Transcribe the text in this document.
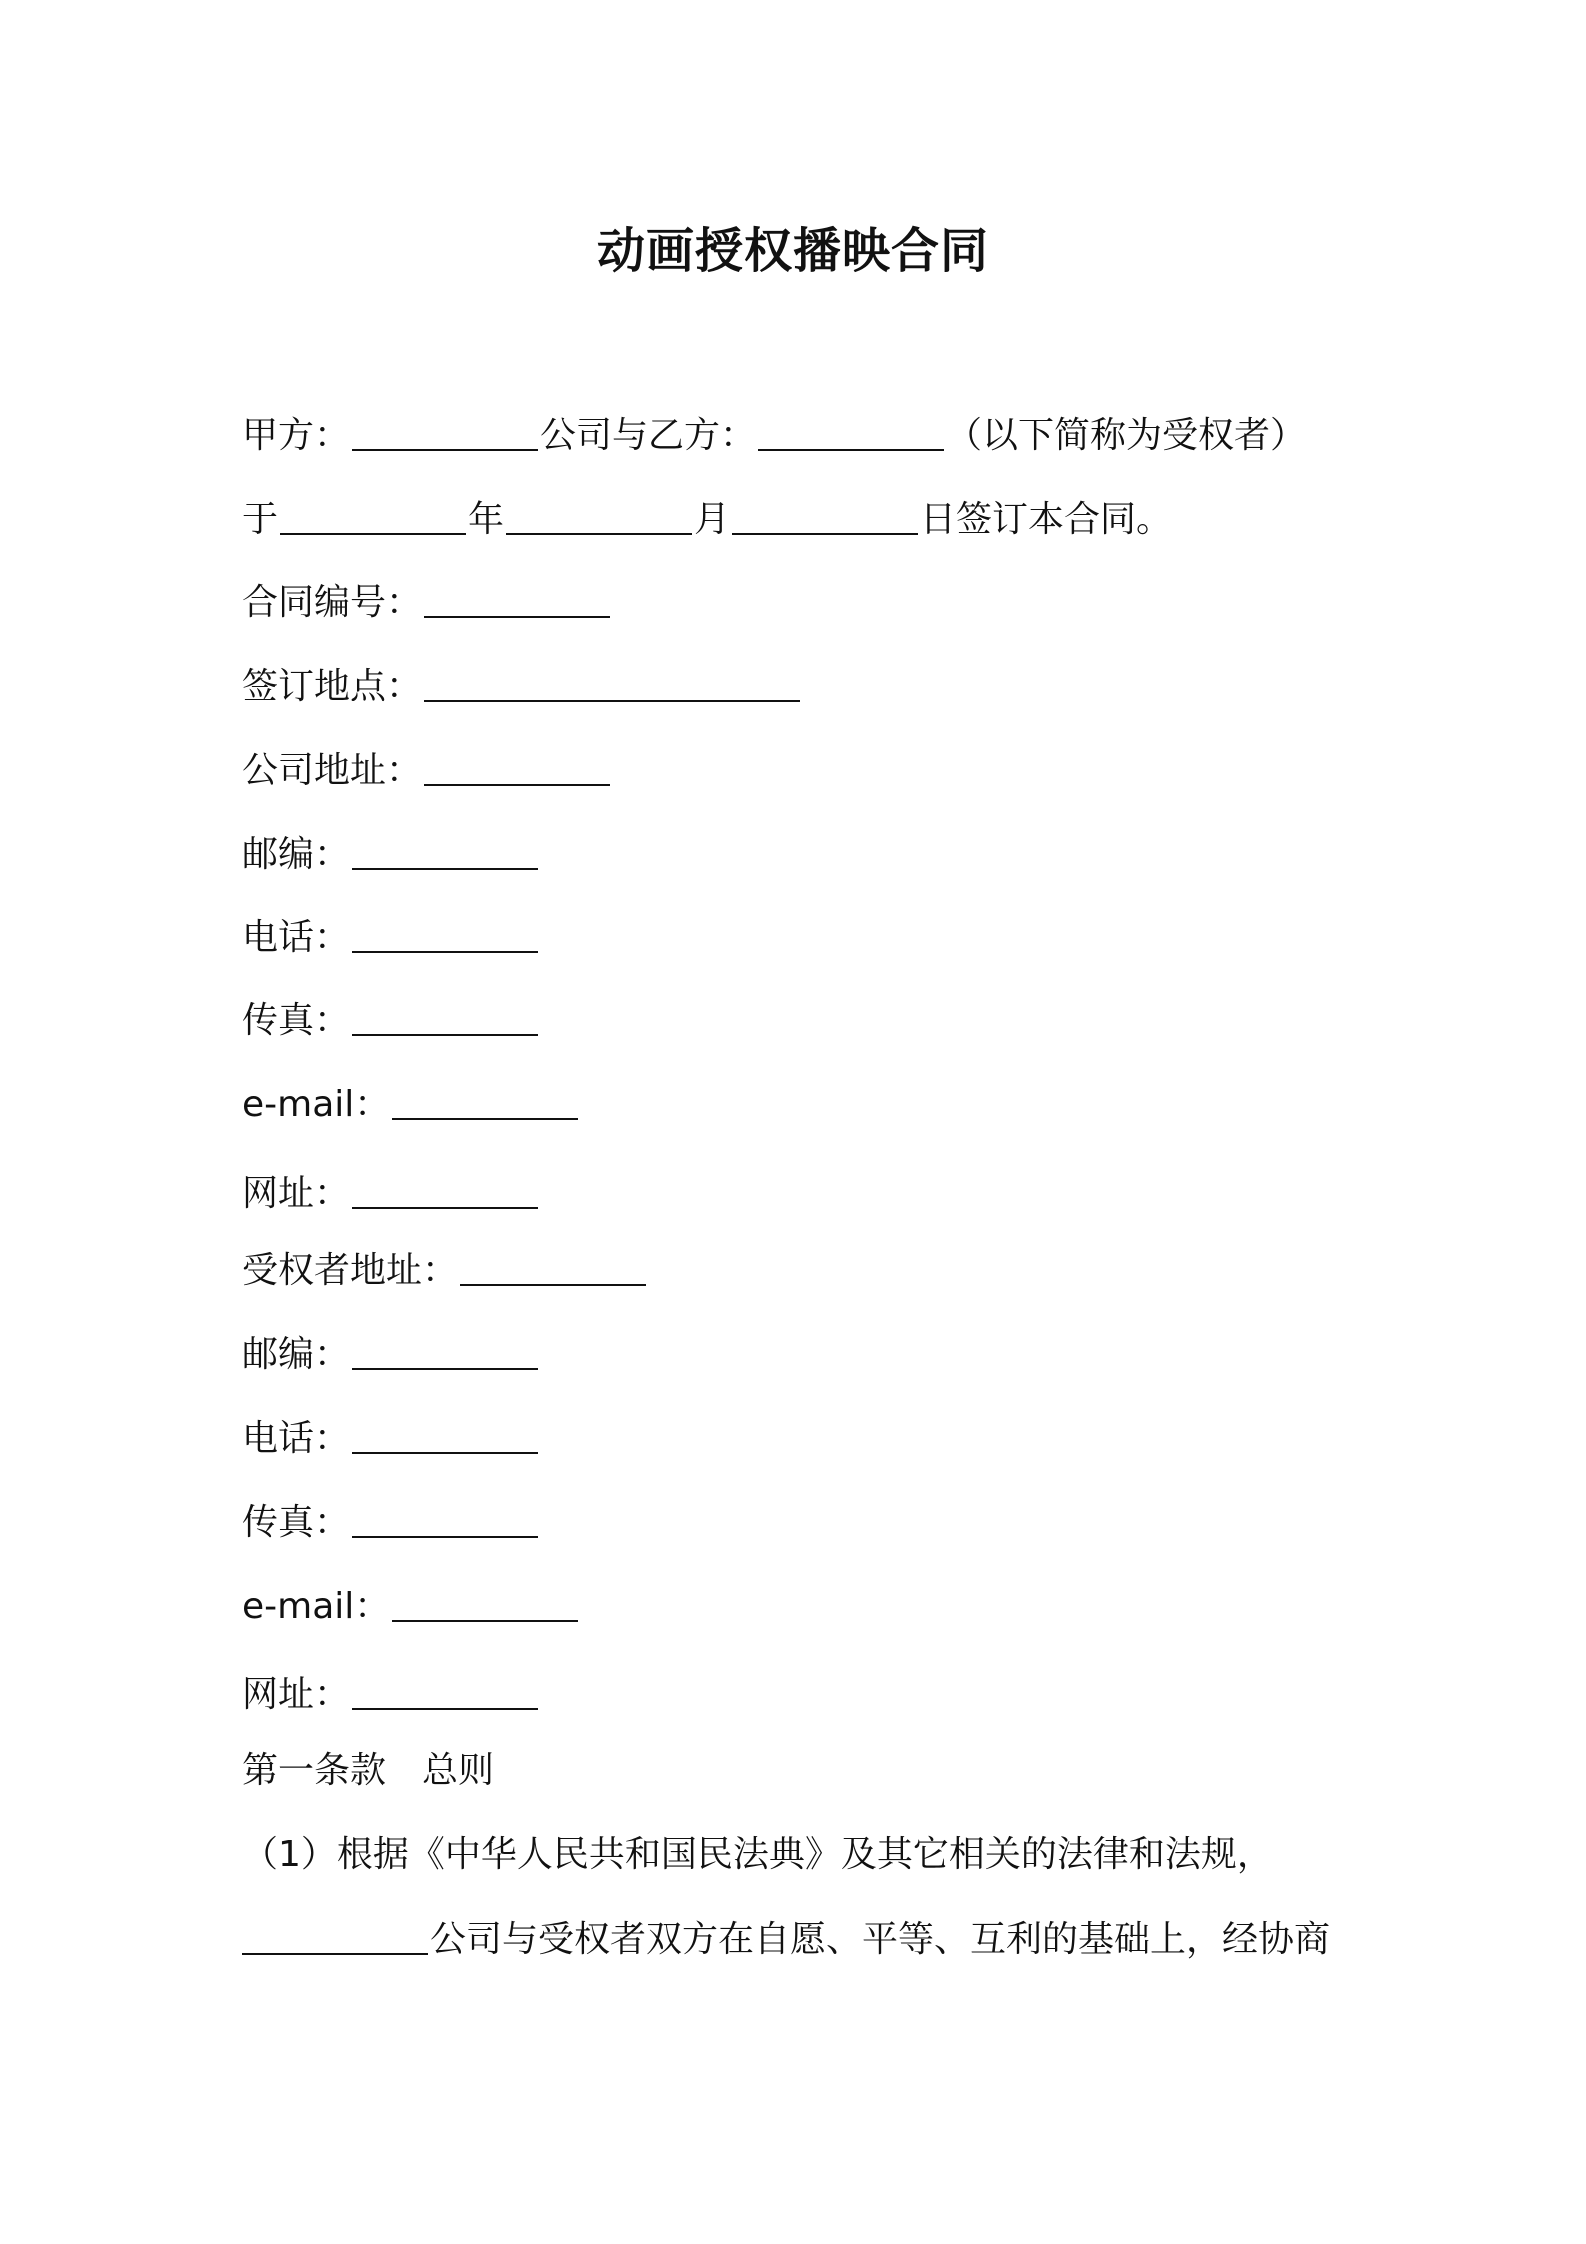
动画授权播映合同
甲方：	公司与乙方：	（以下简称为受权者）
于	年	月	日签订本合同。
合同编号：
签订地点：
公司地址：
邮编：
电话：
传真：
e-mail：
网址：
受权者地址：
邮编：
电话：
传真：
e-mail：
网址：
第一条款　总则
（1）根据《中华人民共和国民法典》及其它相关的法律和法规，
公司与受权者双方在自愿、平等、互利的基础上，经协商
